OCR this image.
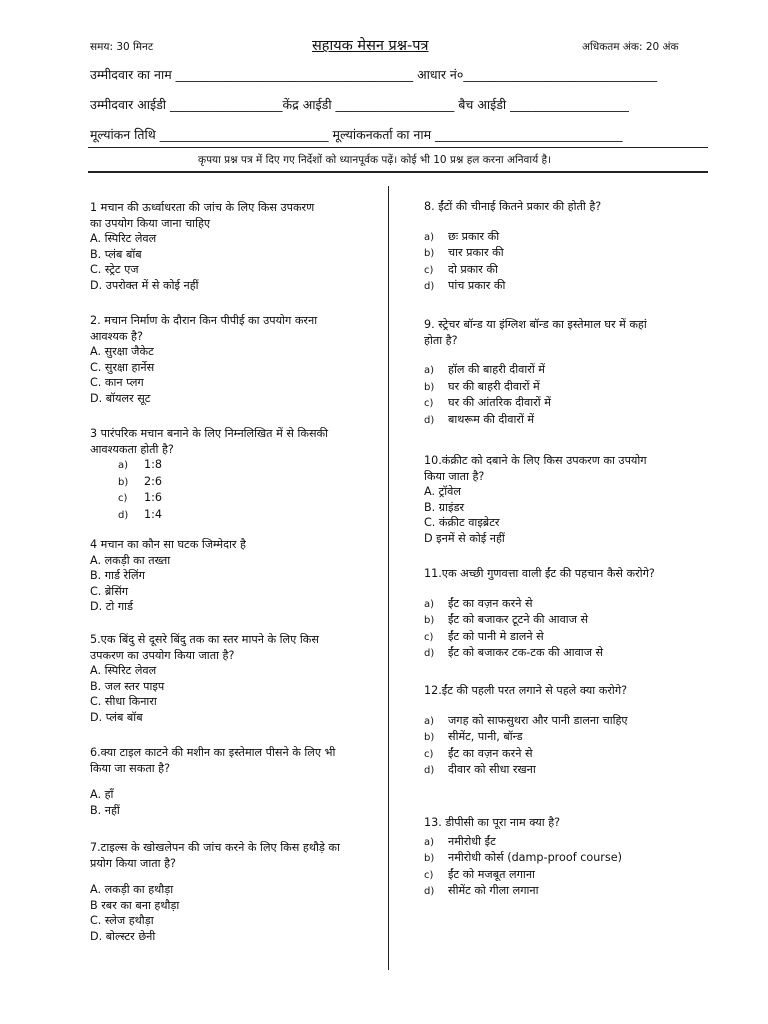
समय: 30 मिनट	सहायक मेसन प्रश्न-पत्र	अधिकतम अंक: 20 अंक
उम्मीदवार का नाम ______________________________________ आधार नं०_______________________________
उम्मीदवार आईडी __________________केंद्र आईडी ___________________ बैच आईडी ___________________
मूल्यांकन तिथि ___________________________ मूल्यांकनकर्ता का नाम ______________________________
कृपया प्रश्न पत्र में दिए गए निर्देशों को ध्यानपूर्वक पढ़ें। कोई भी 10 प्रश्न हल करना अनिवार्य है।
1 मचान की ऊर्ध्वाधरता की जांच के लिए किस उपकरण
का उपयोग किया जाना चाहिए
A. स्पिरिट लेवल
B. प्लंब बॉब
C. स्ट्रेट एज
D. उपरोक्त में से कोई नहीं
2. मचान निर्माण के दौरान किन पीपीई का उपयोग करना
आवश्यक है?
A. सुरक्षा जैकेट
C. सुरक्षा हार्नेस
C. कान प्लग
D. बॉयलर सूट
3 पारंपरिक मचान बनाने के लिए निम्नलिखित में से किसकी
आवश्यकता होती है?
a) 1:8
b) 2:6
c) 1:6
d) 1:4
4 मचान का कौन सा घटक जिम्मेदार है
A. लकड़ी का तख्ता
B. गार्ड रेलिंग
C. ब्रेसिंग
D. टो गार्ड
5.एक बिंदु से दूसरे बिंदु तक का स्तर मापने के लिए किस
उपकरण का उपयोग किया जाता है?
A. स्पिरिट लेवल
B. जल स्तर पाइप
C. सीधा किनारा
D. प्लंब बॉब
6.क्या टाइल काटने की मशीन का इस्तेमाल पीसने के लिए भी
किया जा सकता है?
A. हाँ
B. नहीं
7.टाइल्स के खोखलेपन की जांच करने के लिए किस हथौड़े का
प्रयोग किया जाता है?
A. लकड़ी का हथौड़ा
B रबर का बना हथौड़ा
C. स्लेज हथौड़ा
D. बोल्स्टर छेनी
8. ईंटों की चीनाई कितने प्रकार की होती है?
a) छः प्रकार की
b) चार प्रकार की
c) दो प्रकार की
d) पांच प्रकार की
9. स्ट्रेचर बॉन्ड या इंग्लिश बॉन्ड का इस्तेमाल घर में कहां
होता है?
a) हॉल की बाहरी दीवारों में
b) घर की बाहरी दीवारों में
c) घर की आंतरिक दीवारों में
d) बाथरूम की दीवारों में
10.कंक्रीट को दबाने के लिए किस उपकरण का उपयोग
किया जाता है?
A. ट्रॉवेल
B. ग्राइंडर
C. कंक्रीट वाइब्रेटर
D इनमें से कोई नहीं
11.एक अच्छी गुणवत्ता वाली ईंट की पहचान कैसे करोगे?
a) ईंट का वज़न करने से
b) ईंट को बजाकर टूटने की आवाज से
c) ईंट को पानी मे डालने से
d) ईंट को बजाकर टक-टक की आवाज से
12.ईंट की पहली परत लगाने से पहले क्या करोगे?
a) जगह को साफसुथरा और पानी डालना चाहिए
b) सीमेंट, पानी, बॉन्ड
c) ईंट का वज़न करने से
d) दीवार को सीधा रखना
13. डीपीसी का पूरा नाम क्या है?
a) नमीरोधी ईंट
b) नमीरोधी कोर्स (damp-proof course)
c) ईंट को मजबूत लगाना
d) सीमेंट को गीला लगाना
